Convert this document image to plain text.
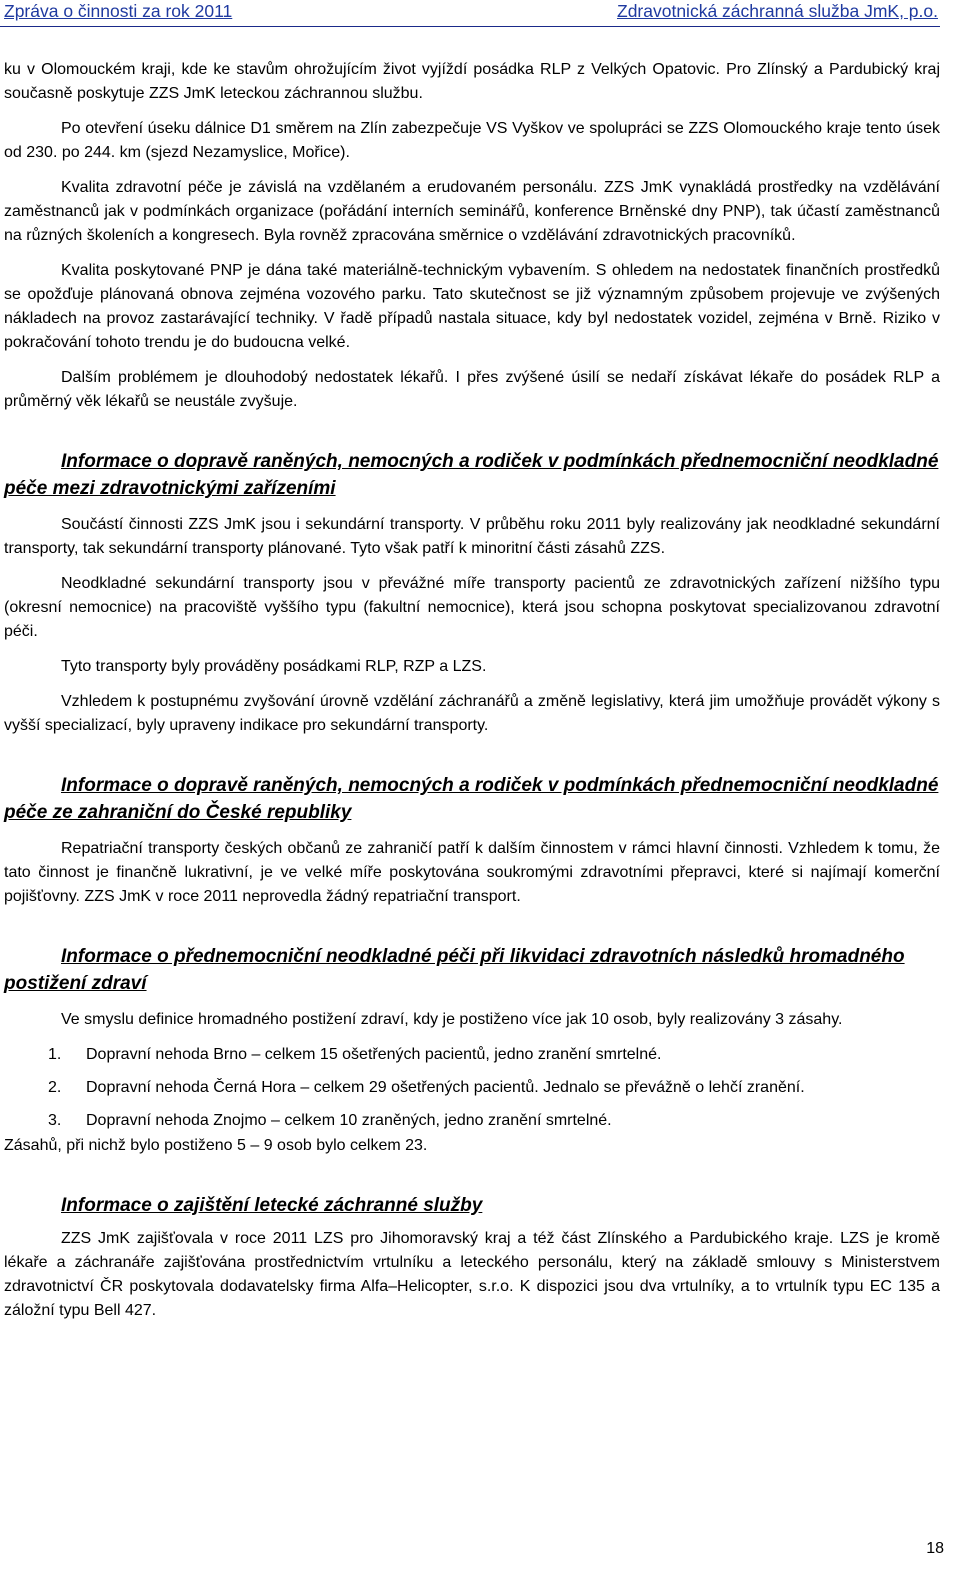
Zpráva o činnosti za rok 2011	Zdravotnická záchranná služba JmK, p.o.

ku v Olomouckém kraji, kde ke stavům ohrožujícím život vyjíždí posádka RLP z Velkých Opatovic. Pro Zlínský a Pardubický kraj současně poskytuje ZZS JmK leteckou záchrannou službu.

Po otevření úseku dálnice D1 směrem na Zlín zabezpečuje VS Vyškov ve spolupráci se ZZS Olomouckého kraje tento úsek od 230. po 244. km (sjezd Nezamyslice, Mořice).

Kvalita zdravotní péče je závislá na vzdělaném a erudovaném personálu. ZZS JmK vynakládá prostředky na vzdělávání zaměstnanců jak v podmínkách organizace (pořádání interních seminářů, konference Brněnské dny PNP), tak účastí zaměstnanců na různých školeních a kongresech. Byla rovněž zpracována směrnice o vzdělávání zdravotnických pracovníků.

Kvalita poskytované PNP je dána také materiálně-technickým vybavením. S ohledem na nedostatek finančních prostředků se opožďuje plánovaná obnova zejména vozového parku. Tato skutečnost se již významným způsobem projevuje ve zvýšených nákladech na provoz zastarávající techniky. V řadě případů nastala situace, kdy byl nedostatek vozidel, zejména v Brně. Riziko v pokračování tohoto trendu je do budoucna velké.

Dalším problémem je dlouhodobý nedostatek lékařů. I přes zvýšené úsilí se nedaří získávat lékaře do posádek RLP a průměrný věk lékařů se neustále zvyšuje.

Informace o dopravě raněných, nemocných a rodiček v podmínkách přednemocniční neodkladné péče mezi zdravotnickými zařízeními

Součástí činnosti ZZS JmK jsou i sekundární transporty. V průběhu roku 2011 byly realizovány jak neodkladné sekundární transporty, tak sekundární transporty plánované. Tyto však patří k minoritní části zásahů ZZS.

Neodkladné sekundární transporty jsou v převážné míře transporty pacientů ze zdravotnických zařízení nižšího typu (okresní nemocnice) na pracoviště vyššího typu (fakultní nemocnice), která jsou schopna poskytovat specializovanou zdravotní péči.

Tyto transporty byly prováděny posádkami RLP, RZP a LZS.

Vzhledem k postupnému zvyšování úrovně vzdělání záchranářů a změně legislativy, která jim umožňuje provádět výkony s vyšší specializací, byly upraveny indikace pro sekundární transporty.

Informace o dopravě raněných, nemocných a rodiček v podmínkách přednemocniční neodkladné péče ze zahraniční do České republiky

Repatriační transporty českých občanů ze zahraničí patří k dalším činnostem v rámci hlavní činnosti. Vzhledem k tomu, že tato činnost je finančně lukrativní, je ve velké míře poskytována soukromými zdravotními přepravci, které si najímají komerční pojišťovny. ZZS JmK v roce 2011 neprovedla žádný repatriační transport.

Informace o přednemocniční neodkladné péči při likvidaci zdravotních následků hromadného postižení zdraví

Ve smyslu definice hromadného postižení zdraví, kdy je postiženo více jak 10 osob, byly realizovány 3 zásahy.

1. Dopravní nehoda Brno – celkem 15 ošetřených pacientů, jedno zranění smrtelné.
2. Dopravní nehoda Černá Hora – celkem 29 ošetřených pacientů. Jednalo se převážně o lehčí zranění.
3. Dopravní nehoda Znojmo – celkem 10 zraněných, jedno zranění smrtelné.

Zásahů, při nichž bylo postiženo 5 – 9 osob bylo celkem 23.

Informace o zajištění letecké záchranné služby

ZZS JmK zajišťovala v roce 2011 LZS pro Jihomoravský kraj a též část Zlínského a Pardubického kraje. LZS je kromě lékaře a záchranáře zajišťována prostřednictvím vrtulníku a leteckého personálu, který na základě smlouvy s Ministerstvem zdravotnictví ČR poskytovala dodavatelsky firma Alfa–Helicopter, s.r.o. K dispozici jsou dva vrtulníky, a to vrtulník typu EC 135 a záložní typu Bell 427.

18
